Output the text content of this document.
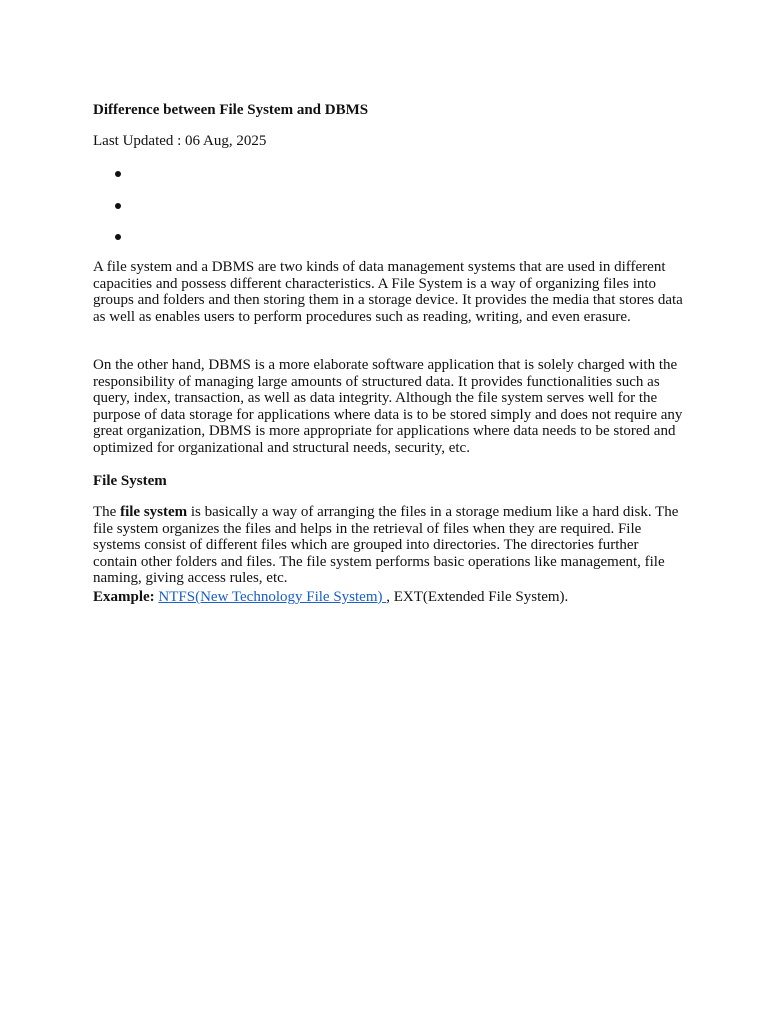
Difference between File System and DBMS

Last Updated : 06 Aug, 2025

A file system and a DBMS are two kinds of data management systems that are used in different capacities and possess different characteristics. A File System is a way of organizing files into groups and folders and then storing them in a storage device. It provides the media that stores data as well as enables users to perform procedures such as reading, writing, and even erasure.

On the other hand, DBMS is a more elaborate software application that is solely charged with the responsibility of managing large amounts of structured data. It provides functionalities such as query, index, transaction, as well as data integrity. Although the file system serves well for the purpose of data storage for applications where data is to be stored simply and does not require any great organization, DBMS is more appropriate for applications where data needs to be stored and optimized for organizational and structural needs, security, etc.

File System

The file system is basically a way of arranging the files in a storage medium like a hard disk. The file system organizes the files and helps in the retrieval of files when they are required. File systems consist of different files which are grouped into directories. The directories further contain other folders and files. The file system performs basic operations like management, file naming, giving access rules, etc.

Example: NTFS(New Technology File System) , EXT(Extended File System).
